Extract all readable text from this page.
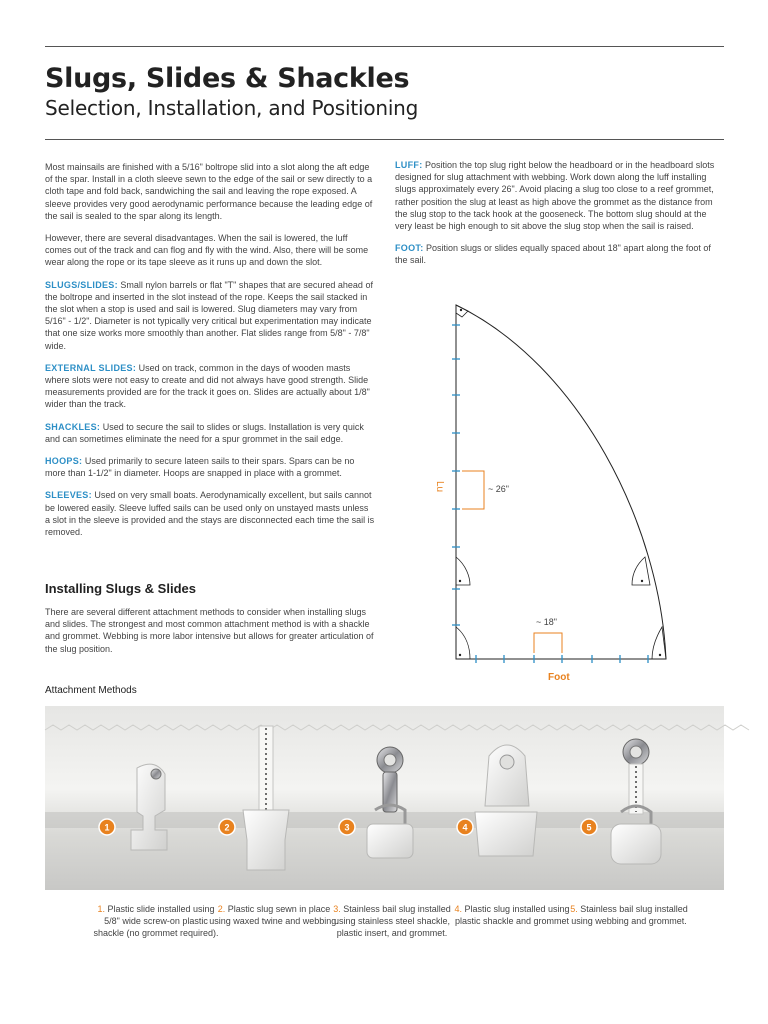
Slugs, Slides & Shackles
Selection, Installation, and Positioning

Most mainsails are finished with a 5/16" boltrope slid into a slot along the aft edge of the spar. Install in a cloth sleeve sewn to the edge of the sail or sew directly to a cloth tape and fold back, sandwiching the sail and leaving the rope exposed. A sleeve provides very good aerodynamic performance because the leading edge of the sail is sealed to the spar along its length.

However, there are several disadvantages. When the sail is lowered, the luff comes out of the track and can flog and fly with the wind. Also, there will be some wear along the rope or its tape sleeve as it runs up and down the slot.

SLUGS/SLIDES: Small nylon barrels or flat "T" shapes that are secured ahead of the boltrope and inserted in the slot instead of the rope. Keeps the sail stacked in the slot when a stop is used and sail is lowered. Slug diameters may vary from 5/16" - 1/2". Diameter is not typically very critical but experimentation may indicate that one size works more smoothly than another. Flat slides range from 5/8" - 7/8" wide.

EXTERNAL SLIDES: Used on track, common in the days of wooden masts where slots were not easy to create and did not always have good strength. Slide measurements provided are for the track it goes on. Slides are actually about 1/8" wider than the track.

SHACKLES: Used to secure the sail to slides or slugs. Installation is very quick and can sometimes eliminate the need for a spur grommet in the sail edge.

HOOPS: Used primarily to secure lateen sails to their spars. Spars can be no more than 1-1/2" in diameter. Hoops are snapped in place with a grommet.

SLEEVES: Used on very small boats. Aerodynamically excellent, but sails cannot be lowered easily. Sleeve luffed sails can be used only on unstayed masts unless a slot in the sleeve is provided and the stays are disconnected each time the sail is removed.

Installing Slugs & Slides
There are several different attachment methods to consider when installing slugs and slides. The strongest and most common attachment method is with a shackle and grommet. Webbing is more labor intensive but allows for greater articulation of the slug position.

LUFF: Position the top slug right below the headboard or in the headboard slots designed for slug attachment with webbing. Work down along the luff installing slugs approximately every 26". Avoid placing a slug too close to a reef grommet, rather position the slug at least as high above the grommet as the distance from the slug stop to the tack hook at the gooseneck. The bottom slug should at the very least be high enough to sit above the slug stop when the sail is raised.

FOOT: Position slugs or slides equally spaced about 18" apart along the foot of the sail.

~ 26"
Lu
~ 18"
Foot
Attachment Methods
1	2	3	4	5
1. Plastic slide installed using 5/8" wide screw-on plastic shackle (no grommet required).
2. Plastic slug sewn in place using waxed twine and webbing.
3. Stainless bail slug installed using stainless steel shackle, plastic insert, and grommet.
4. Plastic slug installed using plastic shackle and grommet
5. Stainless bail slug installed using webbing and grommet.
